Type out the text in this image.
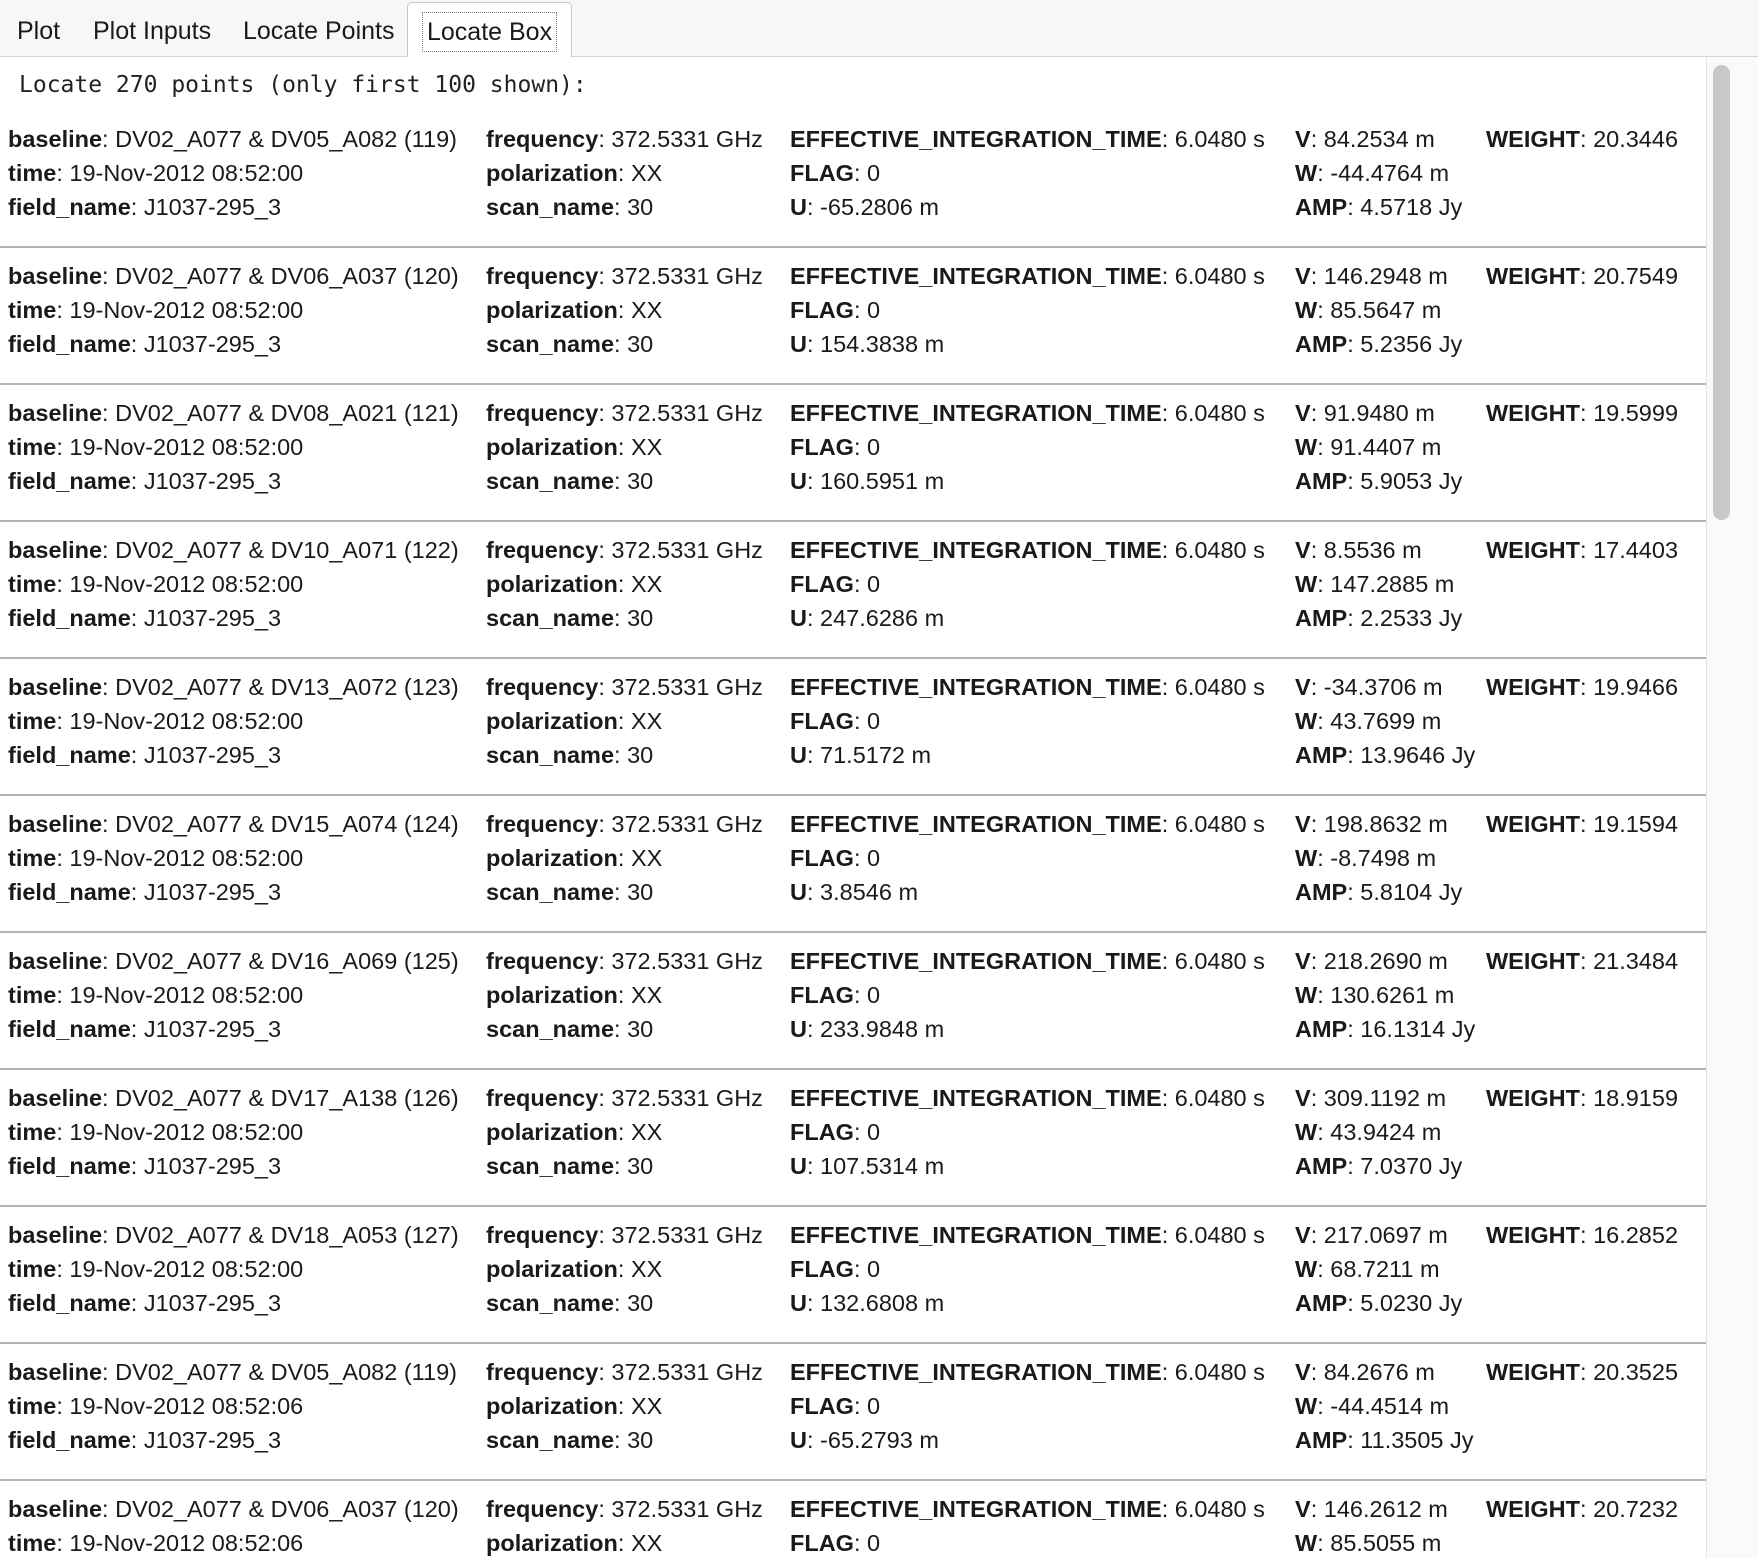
Plot	Plot Inputs	Locate Points	Locate Box
Locate 270 points (only first 100 shown):
baseline: DV02_A077 & DV05_A082 (119)
time: 19-Nov-2012 08:52:00
field_name: J1037-295_3
frequency: 372.5331 GHz
polarization: XX
scan_name: 30
EFFECTIVE_INTEGRATION_TIME: 6.0480 s
FLAG: 0
U: -65.2806 m
V: 84.2534 m
W: -44.4764 m
AMP: 4.5718 Jy
WEIGHT: 20.3446
baseline: DV02_A077 & DV06_A037 (120)
time: 19-Nov-2012 08:52:00
field_name: J1037-295_3
frequency: 372.5331 GHz
polarization: XX
scan_name: 30
EFFECTIVE_INTEGRATION_TIME: 6.0480 s
FLAG: 0
U: 154.3838 m
V: 146.2948 m
W: 85.5647 m
AMP: 5.2356 Jy
WEIGHT: 20.7549
baseline: DV02_A077 & DV08_A021 (121)
time: 19-Nov-2012 08:52:00
field_name: J1037-295_3
frequency: 372.5331 GHz
polarization: XX
scan_name: 30
EFFECTIVE_INTEGRATION_TIME: 6.0480 s
FLAG: 0
U: 160.5951 m
V: 91.9480 m
W: 91.4407 m
AMP: 5.9053 Jy
WEIGHT: 19.5999
baseline: DV02_A077 & DV10_A071 (122)
time: 19-Nov-2012 08:52:00
field_name: J1037-295_3
frequency: 372.5331 GHz
polarization: XX
scan_name: 30
EFFECTIVE_INTEGRATION_TIME: 6.0480 s
FLAG: 0
U: 247.6286 m
V: 8.5536 m
W: 147.2885 m
AMP: 2.2533 Jy
WEIGHT: 17.4403
baseline: DV02_A077 & DV13_A072 (123)
time: 19-Nov-2012 08:52:00
field_name: J1037-295_3
frequency: 372.5331 GHz
polarization: XX
scan_name: 30
EFFECTIVE_INTEGRATION_TIME: 6.0480 s
FLAG: 0
U: 71.5172 m
V: -34.3706 m
W: 43.7699 m
AMP: 13.9646 Jy
WEIGHT: 19.9466
baseline: DV02_A077 & DV15_A074 (124)
time: 19-Nov-2012 08:52:00
field_name: J1037-295_3
frequency: 372.5331 GHz
polarization: XX
scan_name: 30
EFFECTIVE_INTEGRATION_TIME: 6.0480 s
FLAG: 0
U: 3.8546 m
V: 198.8632 m
W: -8.7498 m
AMP: 5.8104 Jy
WEIGHT: 19.1594
baseline: DV02_A077 & DV16_A069 (125)
time: 19-Nov-2012 08:52:00
field_name: J1037-295_3
frequency: 372.5331 GHz
polarization: XX
scan_name: 30
EFFECTIVE_INTEGRATION_TIME: 6.0480 s
FLAG: 0
U: 233.9848 m
V: 218.2690 m
W: 130.6261 m
AMP: 16.1314 Jy
WEIGHT: 21.3484
baseline: DV02_A077 & DV17_A138 (126)
time: 19-Nov-2012 08:52:00
field_name: J1037-295_3
frequency: 372.5331 GHz
polarization: XX
scan_name: 30
EFFECTIVE_INTEGRATION_TIME: 6.0480 s
FLAG: 0
U: 107.5314 m
V: 309.1192 m
W: 43.9424 m
AMP: 7.0370 Jy
WEIGHT: 18.9159
baseline: DV02_A077 & DV18_A053 (127)
time: 19-Nov-2012 08:52:00
field_name: J1037-295_3
frequency: 372.5331 GHz
polarization: XX
scan_name: 30
EFFECTIVE_INTEGRATION_TIME: 6.0480 s
FLAG: 0
U: 132.6808 m
V: 217.0697 m
W: 68.7211 m
AMP: 5.0230 Jy
WEIGHT: 16.2852
baseline: DV02_A077 & DV05_A082 (119)
time: 19-Nov-2012 08:52:06
field_name: J1037-295_3
frequency: 372.5331 GHz
polarization: XX
scan_name: 30
EFFECTIVE_INTEGRATION_TIME: 6.0480 s
FLAG: 0
U: -65.2793 m
V: 84.2676 m
W: -44.4514 m
AMP: 11.3505 Jy
WEIGHT: 20.3525
baseline: DV02_A077 & DV06_A037 (120)
time: 19-Nov-2012 08:52:06
frequency: 372.5331 GHz
polarization: XX
EFFECTIVE_INTEGRATION_TIME: 6.0480 s
FLAG: 0
V: 146.2612 m
W: 85.5055 m
WEIGHT: 20.7232
